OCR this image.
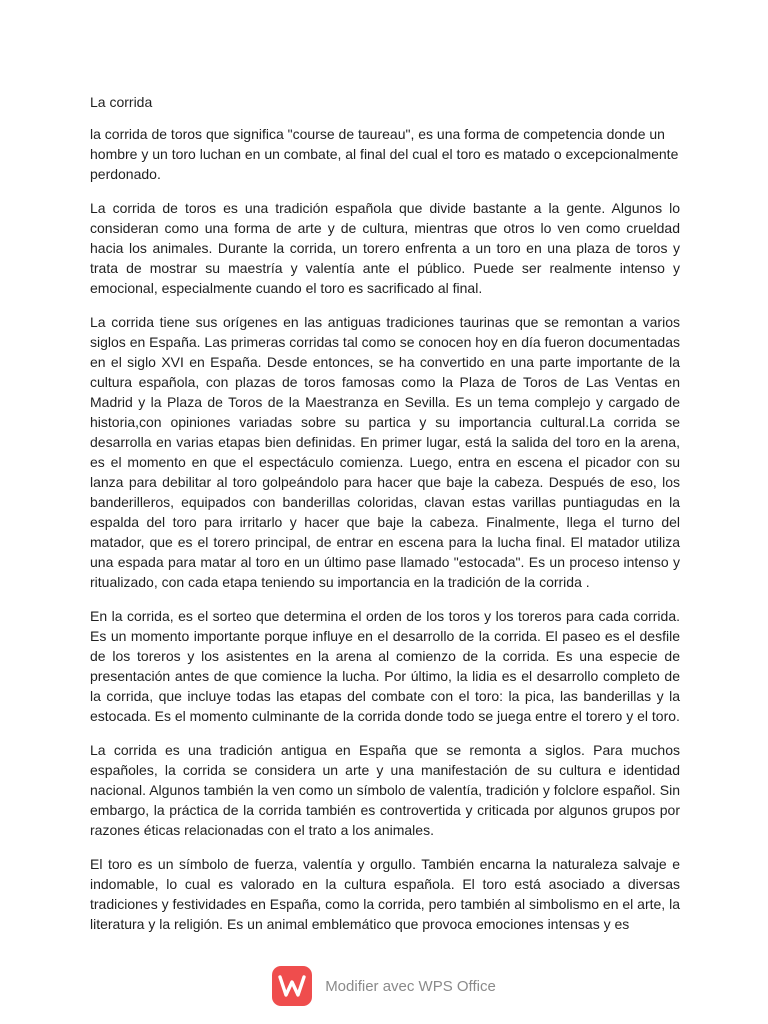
La corrida

la corrida de toros que significa "course de taureau", es una forma de competencia donde un hombre y un toro luchan en un combate, al final del cual el toro es matado o excepcionalmente perdonado.

La corrida de toros es una tradición española que divide bastante a la gente. Algunos lo consideran como una forma de arte y de cultura, mientras que otros lo ven como crueldad hacia los animales. Durante la corrida, un torero enfrenta a un toro en una plaza de toros y trata de mostrar su maestría y valentía ante el público. Puede ser realmente intenso y emocional, especialmente cuando el toro es sacrificado al final.

La corrida tiene sus orígenes en las antiguas tradiciones taurinas que se remontan a varios siglos en España. Las primeras corridas tal como se conocen hoy en día fueron documentadas en el siglo XVI en España. Desde entonces, se ha convertido en una parte importante de la cultura española, con plazas de toros famosas como la Plaza de Toros de Las Ventas en Madrid y la Plaza de Toros de la Maestranza en Sevilla. Es un tema complejo y cargado de historia,con opiniones variadas sobre su partica y su importancia cultural.La corrida se desarrolla en varias etapas bien definidas. En primer lugar, está la salida del toro en la arena, es el momento en que el espectáculo comienza. Luego, entra en escena el picador con su lanza para debilitar al toro golpeándolo para hacer que baje la cabeza. Después de eso, los banderilleros, equipados con banderillas coloridas, clavan estas varillas puntiagudas en la espalda del toro para irritarlo y hacer que baje la cabeza. Finalmente, llega el turno del matador, que es el torero principal, de entrar en escena para la lucha final. El matador utiliza una espada para matar al toro en un último pase llamado "estocada". Es un proceso intenso y ritualizado, con cada etapa teniendo su importancia en la tradición de la corrida .

En la corrida, es el sorteo que determina el orden de los toros y los toreros para cada corrida. Es un momento importante porque influye en el desarrollo de la corrida. El paseo es el desfile de los toreros y los asistentes en la arena al comienzo de la corrida. Es una especie de presentación antes de que comience la lucha. Por último, la lidia es el desarrollo completo de la corrida, que incluye todas las etapas del combate con el toro: la pica, las banderillas y la estocada. Es el momento culminante de la corrida donde todo se juega entre el torero y el toro.

La corrida es una tradición antigua en España que se remonta a siglos. Para muchos españoles, la corrida se considera un arte y una manifestación de su cultura e identidad nacional. Algunos también la ven como un símbolo de valentía, tradición y folclore español. Sin embargo, la práctica de la corrida también es controvertida y criticada por algunos grupos por razones éticas relacionadas con el trato a los animales.

El toro es un símbolo de fuerza, valentía y orgullo. También encarna la naturaleza salvaje e indomable, lo cual es valorado en la cultura española. El toro está asociado a diversas tradiciones y festividades en España, como la corrida, pero también al simbolismo en el arte, la literatura y la religión. Es un animal emblemático que provoca emociones intensas y es

Modifier avec WPS Office
